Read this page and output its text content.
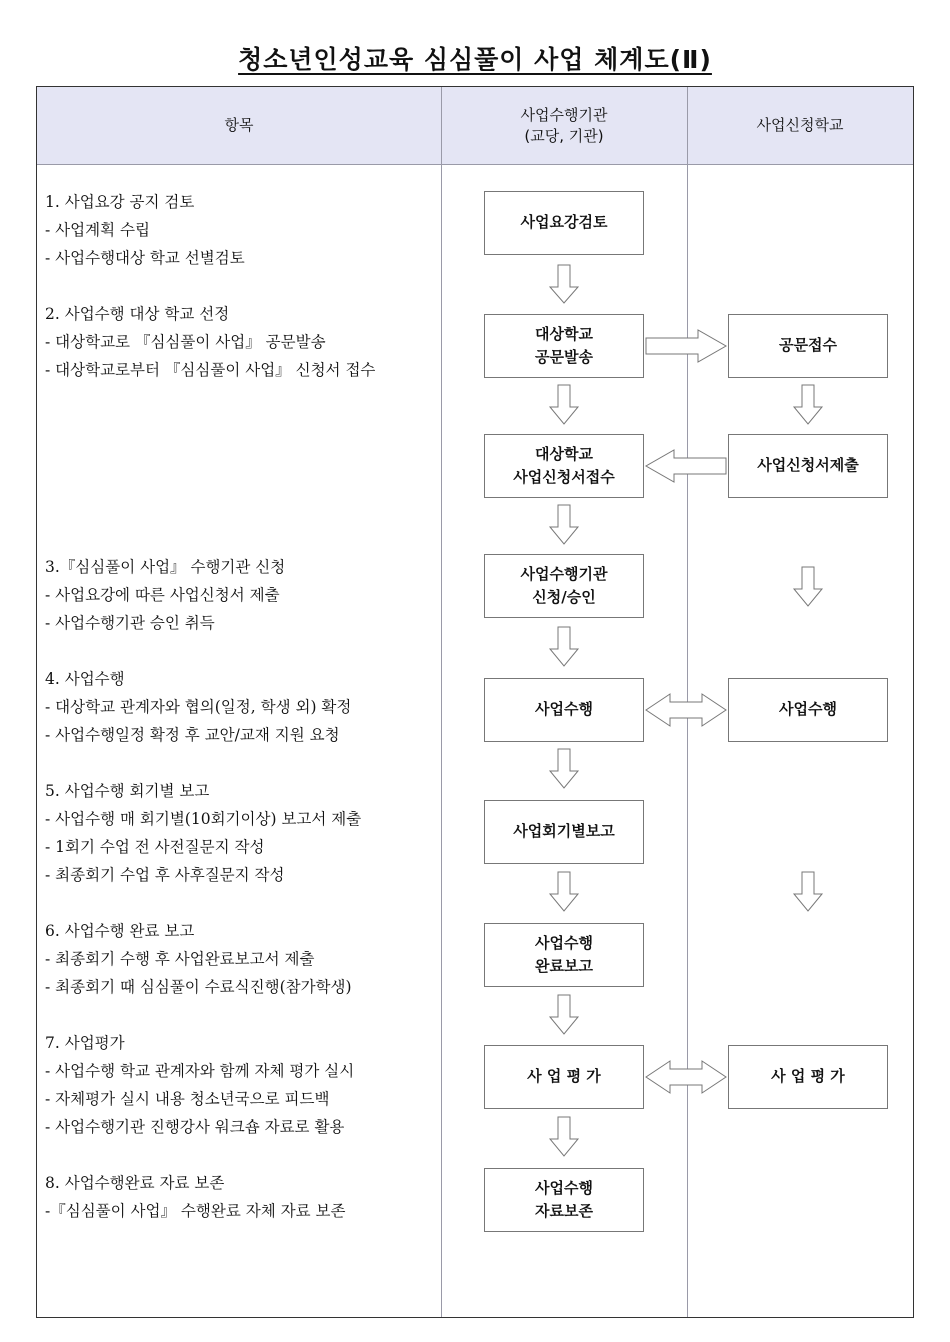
청소년인성교육 심심풀이 사업 체계도(Ⅱ)
항목
사업수행기관
(교당, 기관)
사업신청학교
1. 사업요강 공지 검토
- 사업계획 수립
- 사업수행대상 학교 선별검토
2. 사업수행 대상 학교 선정
- 대상학교로 『심심풀이 사업』 공문발송
- 대상학교로부터 『심심풀이 사업』 신청서 접수
3.『심심풀이 사업』 수행기관 신청
- 사업요강에 따른 사업신청서 제출
- 사업수행기관 승인 취득
4. 사업수행
- 대상학교 관계자와 협의(일정, 학생 외) 확정
- 사업수행일정 확정 후 교안/교재 지원 요청
5. 사업수행 회기별 보고
- 사업수행 매 회기별(10회기이상) 보고서 제출
- 1회기 수업 전 사전질문지 작성
- 최종회기 수업 후 사후질문지 작성
6. 사업수행 완료 보고
- 최종회기 수행 후 사업완료보고서 제출
- 최종회기 때 심심풀이 수료식진행(참가학생)
7. 사업평가
- 사업수행 학교 관계자와 함께 자체 평가 실시
- 자체평가 실시 내용 청소년국으로 피드백
- 사업수행기관 진행강사 워크숍 자료로 활용
8. 사업수행완료 자료 보존
-『심심풀이 사업』 수행완료 자체 자료 보존
사업요강검토
대상학교
공문발송
대상학교
사업신청서접수
사업수행기관
신청/승인
사업수행
사업회기별보고
사업수행
완료보고
사 업 평 가
사업수행
자료보존
공문접수
사업신청서제출
사업수행
사 업 평 가
